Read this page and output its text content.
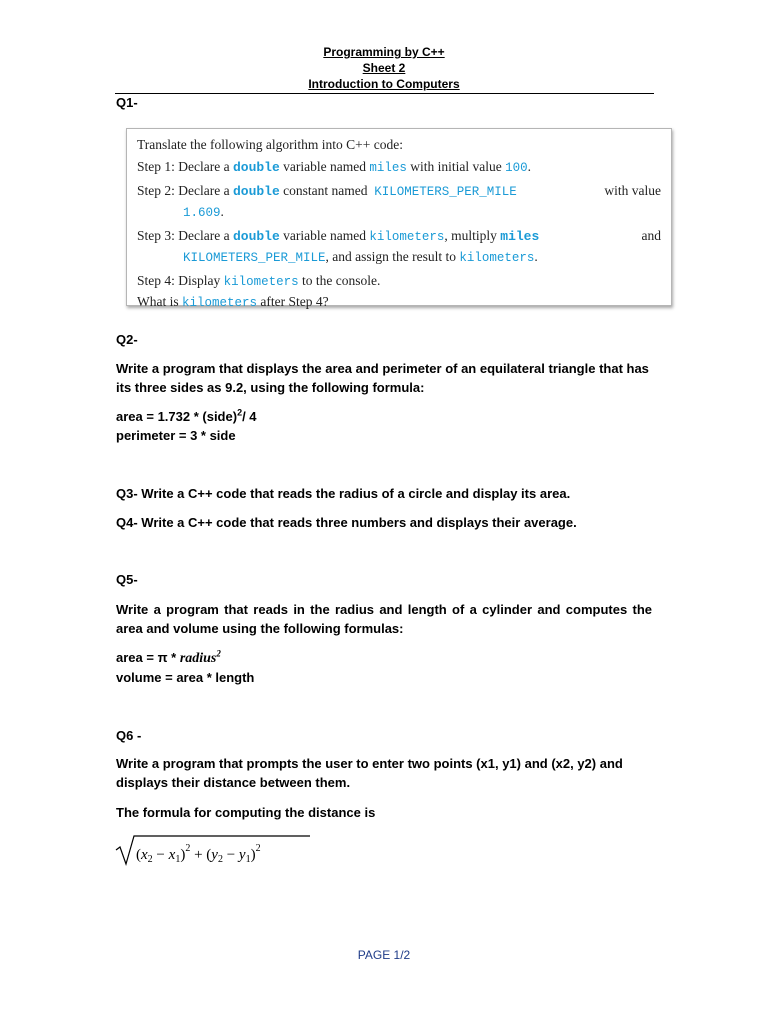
Programming by C++
Sheet 2
Introduction to Computers
Q1-
Translate the following algorithm into C++ code:
Step 1: Declare a double variable named miles with initial value 100.
Step 2: Declare a double constant named  KILOMETERS_PER_MILE	with value
1.609.
Step 3: Declare a double variable named kilometers, multiply miles	and
KILOMETERS_PER_MILE, and assign the result to kilometers.
Step 4: Display kilometers to the console.
What is kilometers after Step 4?
Q2-
Write a program that displays the area and perimeter of an equilateral triangle that has its three sides as 9.2, using the following formula:
area = 1.732 * (side)$^2$/ 4
perimeter = 3 * side
Q3- Write a C++ code that reads the radius of a circle and display its area.
Q4- Write a C++ code that reads three numbers and displays their average.
Q5-
Write a program that reads in the radius and length of a cylinder and computes the area and volume using the following formulas:
area = π * radius$^2$
volume = area * length
Q6 -
Write a program that prompts the user to enter two points (x1, y1) and (x2, y2) and displays their distance between them.
The formula for computing the distance is
$(x_2 - x_1)^2 + (y_2 - y_1)^2$
PAGE 1/2
